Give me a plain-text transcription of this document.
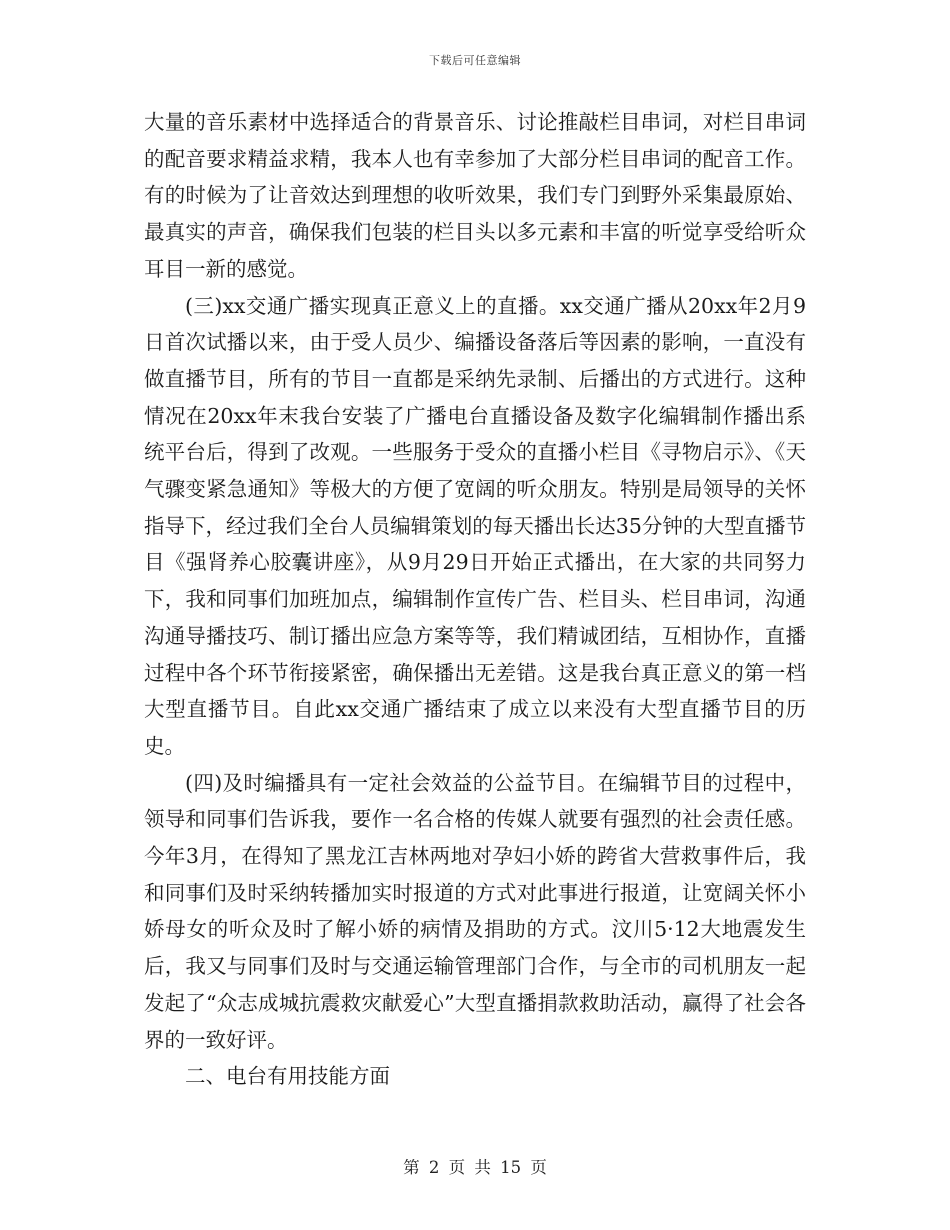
下载后可任意编辑

大量的音乐素材中选择适合的背景音乐、讨论推敲栏目串词，对栏目串词的配音要求精益求精，我本人也有幸参加了大部分栏目串词的配音工作。有的时候为了让音效达到理想的收听效果，我们专门到野外采集最原始、最真实的声音，确保我们包装的栏目头以多元素和丰富的听觉享受给听众耳目一新的感觉。

(三)xx交通广播实现真正意义上的直播。xx交通广播从20xx年2月9日首次试播以来，由于受人员少、编播设备落后等因素的影响，一直没有做直播节目，所有的节目一直都是采纳先录制、后播出的方式进行。这种情况在20xx年末我台安装了广播电台直播设备及数字化编辑制作播出系统平台后，得到了改观。一些服务于受众的直播小栏目《寻物启示》、《天气骤变紧急通知》等极大的方便了宽阔的听众朋友。特别是局领导的关怀指导下，经过我们全台人员编辑策划的每天播出长达35分钟的大型直播节目《强肾养心胶囊讲座》，从9月29日开始正式播出，在大家的共同努力下，我和同事们加班加点，编辑制作宣传广告、栏目头、栏目串词，沟通沟通导播技巧、制订播出应急方案等等，我们精诚团结，互相协作，直播过程中各个环节衔接紧密，确保播出无差错。这是我台真正意义的第一档大型直播节目。自此xx交通广播结束了成立以来没有大型直播节目的历史。

(四)及时编播具有一定社会效益的公益节目。在编辑节目的过程中，领导和同事们告诉我，要作一名合格的传媒人就要有强烈的社会责任感。今年3月，在得知了黑龙江吉林两地对孕妇小娇的跨省大营救事件后，我和同事们及时采纳转播加实时报道的方式对此事进行报道，让宽阔关怀小娇母女的听众及时了解小娇的病情及捐助的方式。汶川5·12大地震发生后，我又与同事们及时与交通运输管理部门合作，与全市的司机朋友一起发起了“众志成城抗震救灾献爱心”大型直播捐款救助活动，赢得了社会各界的一致好评。

二、电台有用技能方面

第 2 页 共 15 页
